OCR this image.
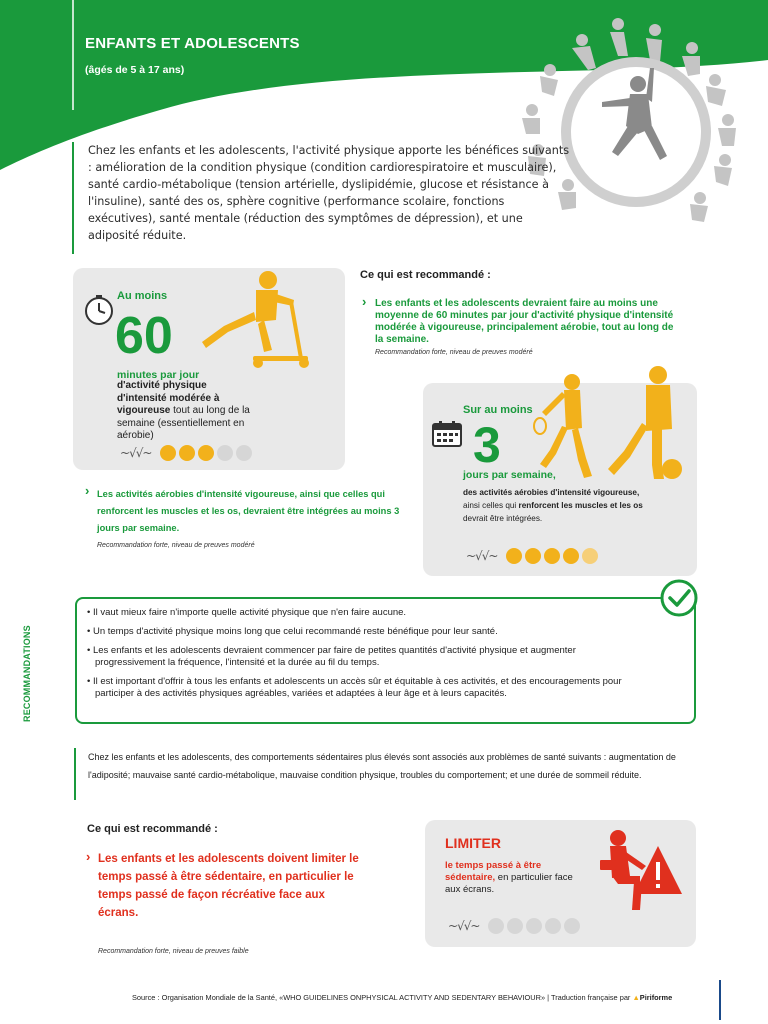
ENFANTS ET ADOLESCENTS
(âgés de 5 à 17 ans)
Chez les enfants et les adolescents, l'activité physique apporte les bénéfices suivants : amélioration de la condition physique (condition cardiorespiratoire et musculaire), santé cardio-métabolique (tension artérielle, dyslipidémie, glucose et résistance à l'insuline), santé des os, sphère cognitive (performance scolaire, fonctions exécutives), santé mentale (réduction des symptômes de dépression), et une adiposité réduite.
Au moins
60
minutes par jour
d'activité physique d'intensité modérée à vigoureuse tout au long de la semaine (essentiellement en aérobie)
~√√~
Ce qui est recommandé :
› Les enfants et les adolescents devraient faire au moins une moyenne de 60 minutes par jour d'activité physique d'intensité modérée à vigoureuse, principalement aérobie, tout au long de la semaine.
Recommandation forte, niveau de preuves modéré
› Les activités aérobies d'intensité vigoureuse, ainsi que celles qui renforcent les muscles et les os, devraient être intégrées au moins 3 jours par semaine.
Recommandation forte, niveau de preuves modéré
Sur au moins
3
jours par semaine,
des activités aérobies d'intensité vigoureuse,
ainsi celles qui renforcent les muscles et les os
devrait être intégrées.
~√√~
RECOMMANDATIONS
• Il vaut mieux faire n'importe quelle activité physique que n'en faire aucune.
• Un temps d'activité physique moins long que celui recommandé reste bénéfique pour leur santé.
• Les enfants et les adolescents devraient commencer par faire de petites quantités d'activité physique et augmenter progressivement la fréquence, l'intensité et la durée au fil du temps.
• Il est important d'offrir à tous les enfants et adolescents un accès sûr et équitable à ces activités, et des encouragements pour participer à des activités physiques agréables, variées et adaptées à leur âge et à leurs capacités.
Chez les enfants et les adolescents, des comportements sédentaires plus élevés sont associés aux problèmes de santé suivants : augmentation de l'adiposité; mauvaise santé cardio-métabolique, mauvaise condition physique, troubles du comportement; et une durée de sommeil réduite.
Ce qui est recommandé :
› Les enfants et les adolescents doivent limiter le temps passé à être sédentaire, en particulier le temps passé de façon récréative face aux écrans.
Recommandation forte, niveau de preuves faible
LIMITER
le temps passé à être sédentaire, en particulier face aux écrans.
~√√~
Source : Organisation Mondiale de la Santé, «WHO GUIDELINES ONPHYSICAL ACTIVITY AND SEDENTARY BEHAVIOUR» | Traduction française par ▲Piriforme
